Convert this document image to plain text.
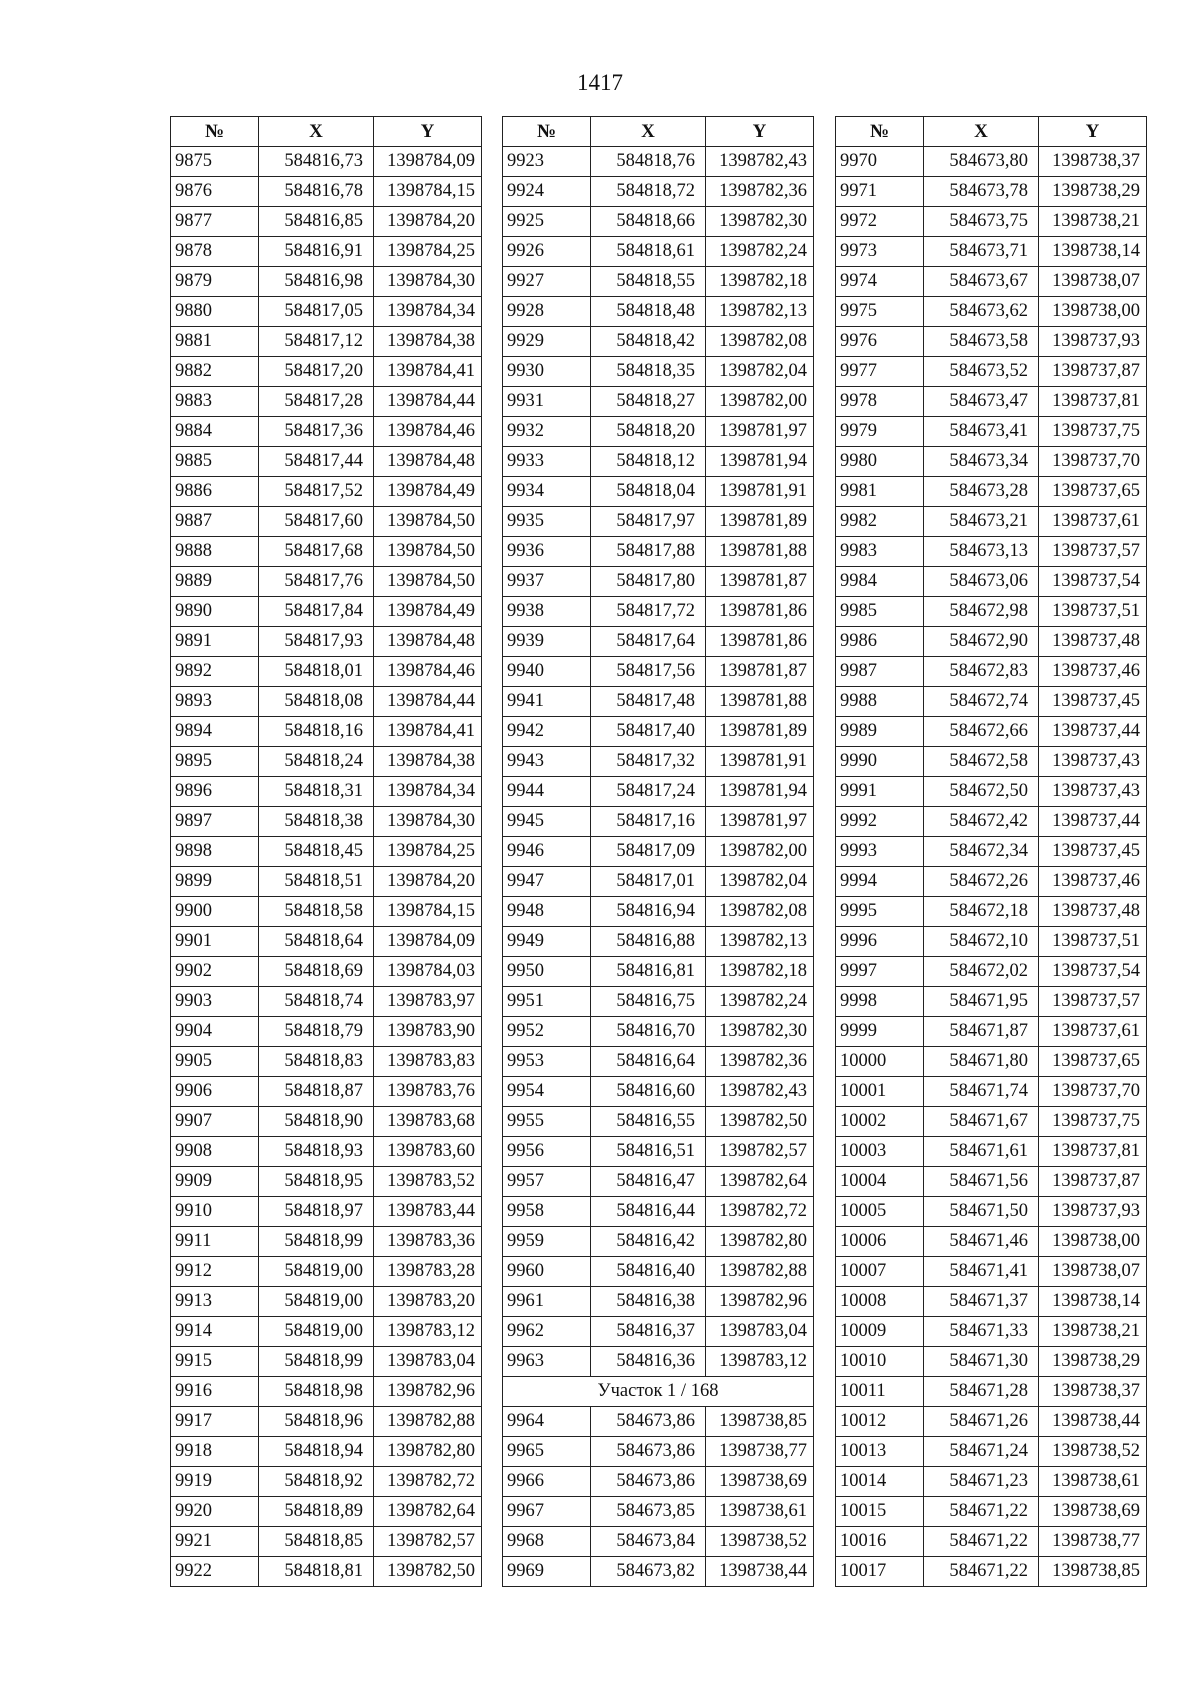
1417
№	X	Y
9875	584816,73	1398784,09
9876	584816,78	1398784,15
9877	584816,85	1398784,20
9878	584816,91	1398784,25
9879	584816,98	1398784,30
9880	584817,05	1398784,34
9881	584817,12	1398784,38
9882	584817,20	1398784,41
9883	584817,28	1398784,44
9884	584817,36	1398784,46
9885	584817,44	1398784,48
9886	584817,52	1398784,49
9887	584817,60	1398784,50
9888	584817,68	1398784,50
9889	584817,76	1398784,50
9890	584817,84	1398784,49
9891	584817,93	1398784,48
9892	584818,01	1398784,46
9893	584818,08	1398784,44
9894	584818,16	1398784,41
9895	584818,24	1398784,38
9896	584818,31	1398784,34
9897	584818,38	1398784,30
9898	584818,45	1398784,25
9899	584818,51	1398784,20
9900	584818,58	1398784,15
9901	584818,64	1398784,09
9902	584818,69	1398784,03
9903	584818,74	1398783,97
9904	584818,79	1398783,90
9905	584818,83	1398783,83
9906	584818,87	1398783,76
9907	584818,90	1398783,68
9908	584818,93	1398783,60
9909	584818,95	1398783,52
9910	584818,97	1398783,44
9911	584818,99	1398783,36
9912	584819,00	1398783,28
9913	584819,00	1398783,20
9914	584819,00	1398783,12
9915	584818,99	1398783,04
9916	584818,98	1398782,96
9917	584818,96	1398782,88
9918	584818,94	1398782,80
9919	584818,92	1398782,72
9920	584818,89	1398782,64
9921	584818,85	1398782,57
9922	584818,81	1398782,50
№	X	Y
9923	584818,76	1398782,43
9924	584818,72	1398782,36
9925	584818,66	1398782,30
9926	584818,61	1398782,24
9927	584818,55	1398782,18
9928	584818,48	1398782,13
9929	584818,42	1398782,08
9930	584818,35	1398782,04
9931	584818,27	1398782,00
9932	584818,20	1398781,97
9933	584818,12	1398781,94
9934	584818,04	1398781,91
9935	584817,97	1398781,89
9936	584817,88	1398781,88
9937	584817,80	1398781,87
9938	584817,72	1398781,86
9939	584817,64	1398781,86
9940	584817,56	1398781,87
9941	584817,48	1398781,88
9942	584817,40	1398781,89
9943	584817,32	1398781,91
9944	584817,24	1398781,94
9945	584817,16	1398781,97
9946	584817,09	1398782,00
9947	584817,01	1398782,04
9948	584816,94	1398782,08
9949	584816,88	1398782,13
9950	584816,81	1398782,18
9951	584816,75	1398782,24
9952	584816,70	1398782,30
9953	584816,64	1398782,36
9954	584816,60	1398782,43
9955	584816,55	1398782,50
9956	584816,51	1398782,57
9957	584816,47	1398782,64
9958	584816,44	1398782,72
9959	584816,42	1398782,80
9960	584816,40	1398782,88
9961	584816,38	1398782,96
9962	584816,37	1398783,04
9963	584816,36	1398783,12
Участок 1 / 168		
9964	584673,86	1398738,85
9965	584673,86	1398738,77
9966	584673,86	1398738,69
9967	584673,85	1398738,61
9968	584673,84	1398738,52
9969	584673,82	1398738,44
№	X	Y
9970	584673,80	1398738,37
9971	584673,78	1398738,29
9972	584673,75	1398738,21
9973	584673,71	1398738,14
9974	584673,67	1398738,07
9975	584673,62	1398738,00
9976	584673,58	1398737,93
9977	584673,52	1398737,87
9978	584673,47	1398737,81
9979	584673,41	1398737,75
9980	584673,34	1398737,70
9981	584673,28	1398737,65
9982	584673,21	1398737,61
9983	584673,13	1398737,57
9984	584673,06	1398737,54
9985	584672,98	1398737,51
9986	584672,90	1398737,48
9987	584672,83	1398737,46
9988	584672,74	1398737,45
9989	584672,66	1398737,44
9990	584672,58	1398737,43
9991	584672,50	1398737,43
9992	584672,42	1398737,44
9993	584672,34	1398737,45
9994	584672,26	1398737,46
9995	584672,18	1398737,48
9996	584672,10	1398737,51
9997	584672,02	1398737,54
9998	584671,95	1398737,57
9999	584671,87	1398737,61
10000	584671,80	1398737,65
10001	584671,74	1398737,70
10002	584671,67	1398737,75
10003	584671,61	1398737,81
10004	584671,56	1398737,87
10005	584671,50	1398737,93
10006	584671,46	1398738,00
10007	584671,41	1398738,07
10008	584671,37	1398738,14
10009	584671,33	1398738,21
10010	584671,30	1398738,29
10011	584671,28	1398738,37
10012	584671,26	1398738,44
10013	584671,24	1398738,52
10014	584671,23	1398738,61
10015	584671,22	1398738,69
10016	584671,22	1398738,77
10017	584671,22	1398738,85
